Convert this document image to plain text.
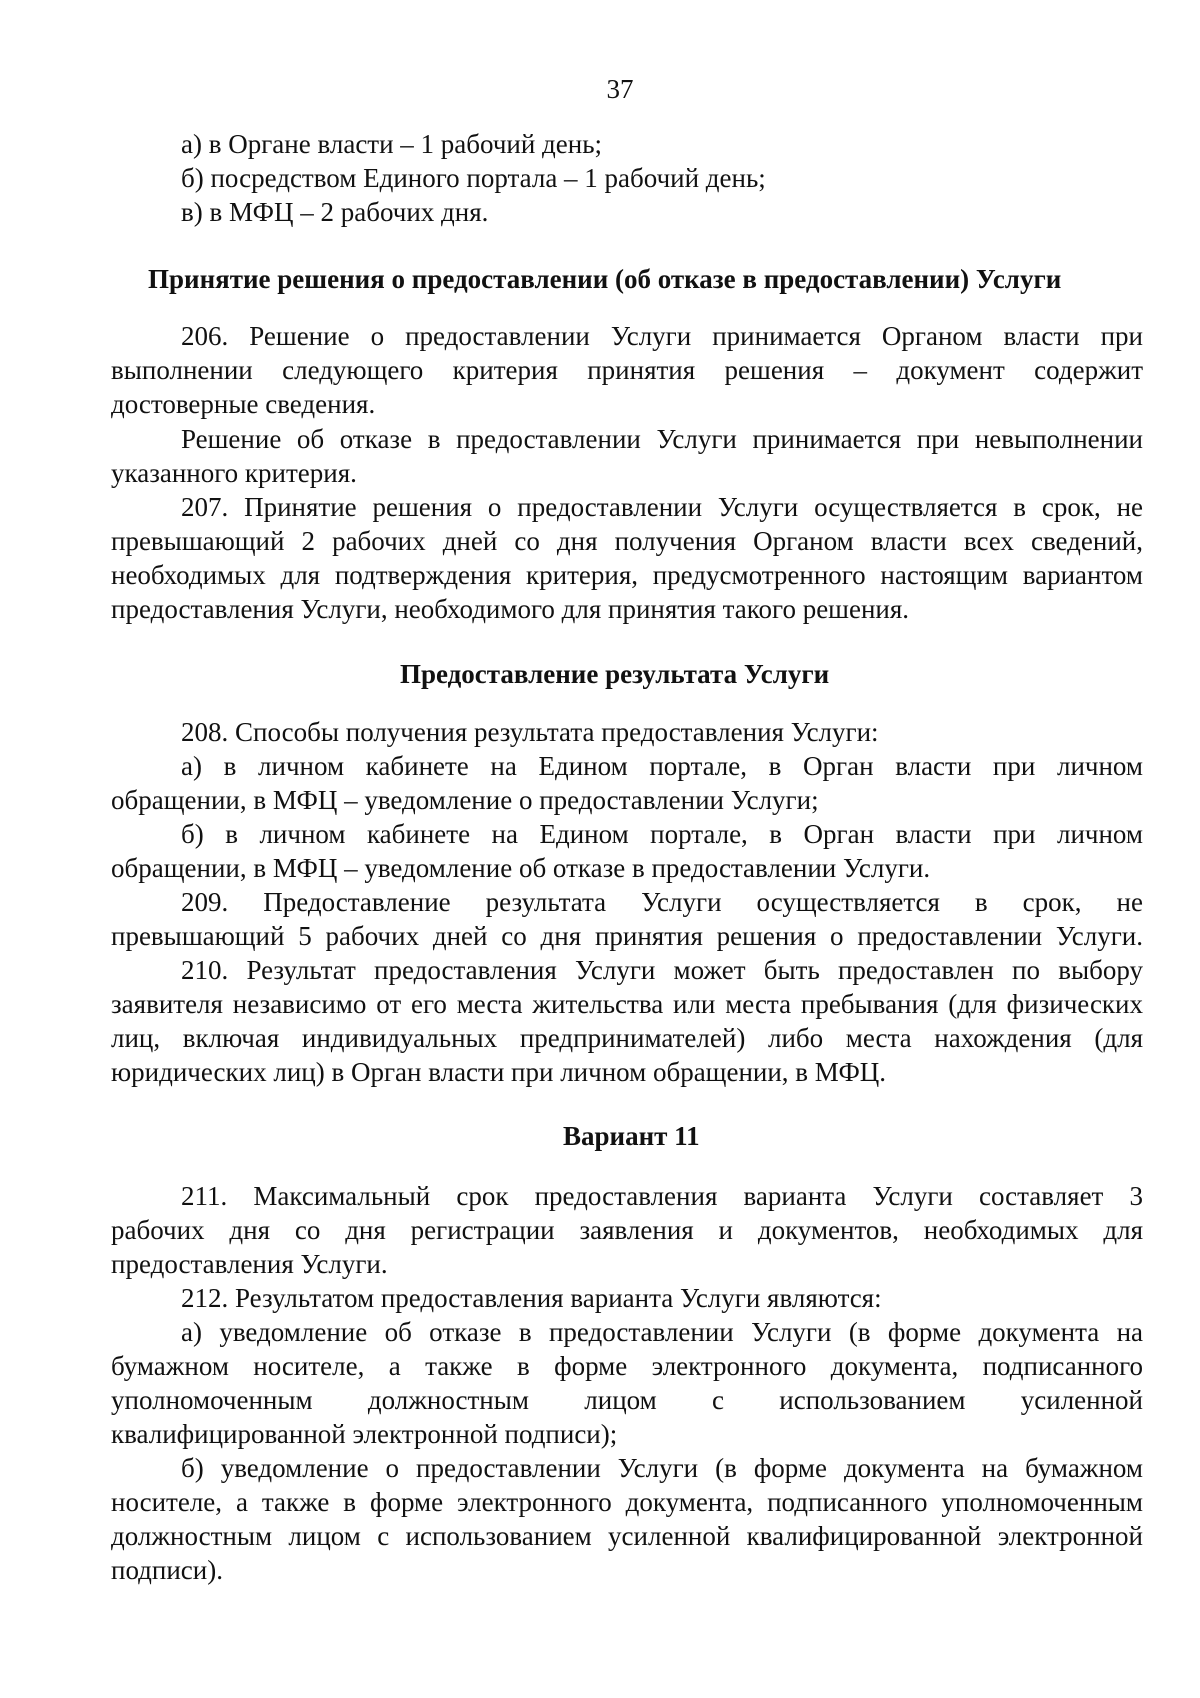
37
а) в Органе власти – 1 рабочий день;
б) посредством Единого портала – 1 рабочий день;
в) в МФЦ – 2 рабочих дня.
Принятие решения о предоставлении (об отказе в предоставлении) Услуги
206. Решение о предоставлении Услуги принимается Органом власти при
выполнении следующего критерия принятия решения – документ содержит
достоверные сведения.
Решение об отказе в предоставлении Услуги принимается при невыполнении
указанного критерия.
207. Принятие решения о предоставлении Услуги осуществляется в срок, не
превышающий 2 рабочих дней со дня получения Органом власти всех сведений,
необходимых для подтверждения критерия, предусмотренного настоящим вариантом
предоставления Услуги, необходимого для принятия такого решения.
Предоставление результата Услуги
208. Способы получения результата предоставления Услуги:
а) в личном кабинете на Едином портале, в Орган власти при личном
обращении, в МФЦ – уведомление о предоставлении Услуги;
б) в личном кабинете на Едином портале, в Орган власти при личном
обращении, в МФЦ – уведомление об отказе в предоставлении Услуги.
209. Предоставление результата Услуги осуществляется в срок, не
превышающий 5 рабочих дней со дня принятия решения о предоставлении Услуги.
210. Результат предоставления Услуги может быть предоставлен по выбору
заявителя независимо от его места жительства или места пребывания (для физических
лиц, включая индивидуальных предпринимателей) либо места нахождения (для
юридических лиц) в Орган власти при личном обращении, в МФЦ.
Вариант 11
211. Максимальный срок предоставления варианта Услуги составляет 3
рабочих дня со дня регистрации заявления и документов, необходимых для
предоставления Услуги.
212. Результатом предоставления варианта Услуги являются:
а) уведомление об отказе в предоставлении Услуги (в форме документа на
бумажном носителе, а также в форме электронного документа, подписанного
уполномоченным должностным лицом с использованием усиленной
квалифицированной электронной подписи);
б) уведомление о предоставлении Услуги (в форме документа на бумажном
носителе, а также в форме электронного документа, подписанного уполномоченным
должностным лицом с использованием усиленной квалифицированной электронной
подписи).
